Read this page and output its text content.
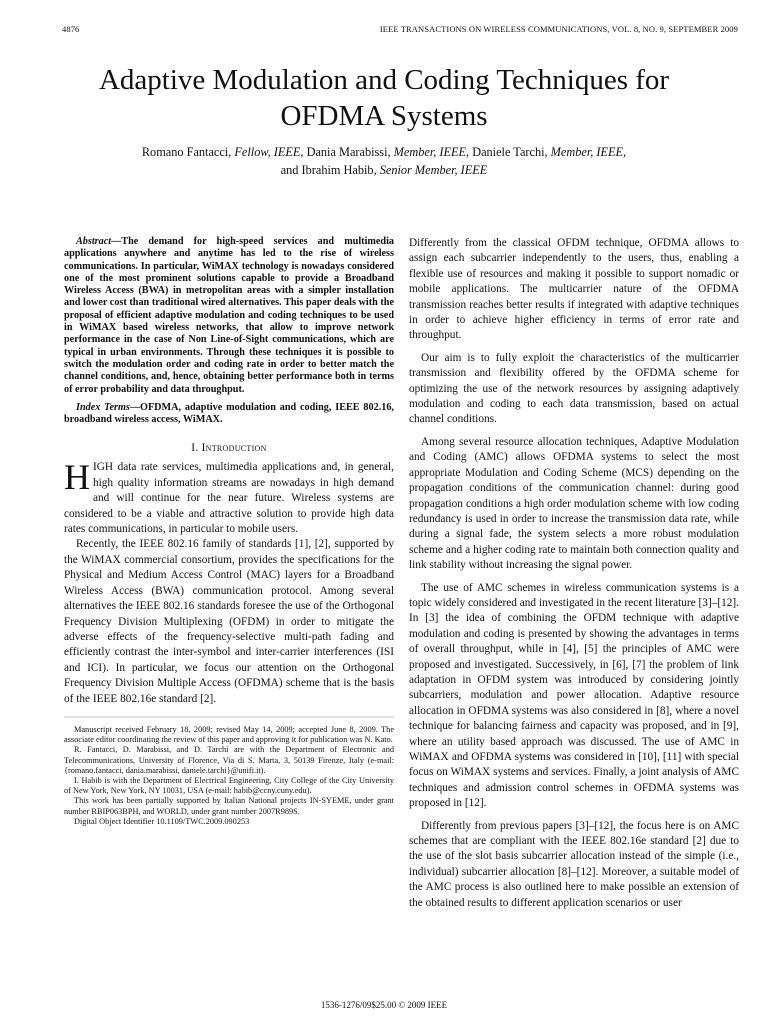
4876	IEEE TRANSACTIONS ON WIRELESS COMMUNICATIONS, VOL. 8, NO. 9, SEPTEMBER 2009
Adaptive Modulation and Coding Techniques for
OFDMA Systems
Romano Fantacci, Fellow, IEEE, Dania Marabissi, Member, IEEE, Daniele Tarchi, Member, IEEE,
and Ibrahim Habib, Senior Member, IEEE

Abstract—The demand for high-speed services and multimedia applications anywhere and anytime has led to the rise of wireless communications. In particular, WiMAX technology is nowadays considered one of the most prominent solutions capable to provide a Broadband Wireless Access (BWA) in metropolitan areas with a simpler installation and lower cost than traditional wired alternatives. This paper deals with the proposal of efficient adaptive modulation and coding techniques to be used in WiMAX based wireless networks, that allow to improve network performance in the case of Non Line-of-Sight communications, which are typical in urban environments. Through these techniques it is possible to switch the modulation order and coding rate in order to better match the channel conditions, and, hence, obtaining better performance both in terms of error probability and data throughput.

Index Terms—OFDMA, adaptive modulation and coding, IEEE 802.16, broadband wireless access, WiMAX.

I. Introduction

HIGH data rate services, multimedia applications and, in general, high quality information streams are nowadays in high demand and will continue for the near future. Wireless systems are considered to be a viable and attractive solution to provide high data rates communications, in particular to mobile users.

Recently, the IEEE 802.16 family of standards [1], [2], supported by the WiMAX commercial consortium, provides the specifications for the Physical and Medium Access Control (MAC) layers for a Broadband Wireless Access (BWA) communication protocol. Among several alternatives the IEEE 802.16 standards foresee the use of the Orthogonal Frequency Division Multiplexing (OFDM) in order to mitigate the adverse effects of the frequency-selective multi-path fading and efficiently contrast the inter-symbol and inter-carrier interferences (ISI and ICI). In particular, we focus our attention on the Orthogonal Frequency Division Multiple Access (OFDMA) scheme that is the basis of the IEEE 802.16e standard [2].

Manuscript received February 18, 2009; revised May 14, 2009; accepted June 8, 2009. The associate editor coordinating the review of this paper and approving it for publication was N. Kato.

R. Fantacci, D. Marabissi, and D. Tarchi are with the Department of Electronic and Telecommunications, University of Florence, Via di S. Marta, 3, 50139 Firenze, Italy (e-mail: {romano.fantacci, dania.marabissi, daniele.tarchi}@unifi.it).

I. Habib is with the Department of Electrical Engineering, City College of the City University of New York, New York, NY 10031, USA (e-mail: habib@ccny.cuny.edu).

This work has been partially supported by Italian National projects IN-SYEME, under grant number RBIP063BPH, and WORLD, under grant number 2007R989S.

Digital Object Identifier 10.1109/TWC.2009.090253

Differently from the classical OFDM technique, OFDMA allows to assign each subcarrier independently to the users, thus, enabling a flexible use of resources and making it possible to support nomadic or mobile applications. The multicarrier nature of the OFDMA transmission reaches better results if integrated with adaptive techniques in order to achieve higher efficiency in terms of error rate and throughput.

Our aim is to fully exploit the characteristics of the multicarrier transmission and flexibility offered by the OFDMA scheme for optimizing the use of the network resources by assigning adaptively modulation and coding to each data transmission, based on actual channel conditions.

Among several resource allocation techniques, Adaptive Modulation and Coding (AMC) allows OFDMA systems to select the most appropriate Modulation and Coding Scheme (MCS) depending on the propagation conditions of the communication channel: during good propagation conditions a high order modulation scheme with low coding redundancy is used in order to increase the transmission data rate, while during a signal fade, the system selects a more robust modulation scheme and a higher coding rate to maintain both connection quality and link stability without increasing the signal power.

The use of AMC schemes in wireless communication systems is a topic widely considered and investigated in the recent literature [3]–[12]. In [3] the idea of combining the OFDM technique with adaptive modulation and coding is presented by showing the advantages in terms of overall throughput, while in [4], [5] the principles of AMC were proposed and investigated. Successively, in [6], [7] the problem of link adaptation in OFDM system was introduced by considering jointly subcarriers, modulation and power allocation. Adaptive resource allocation in OFDMA systems was also considered in [8], where a novel technique for balancing fairness and capacity was proposed, and in [9], where an utility based approach was discussed. The use of AMC in WiMAX and OFDMA systems was considered in [10], [11] with special focus on WiMAX systems and services. Finally, a joint analysis of AMC techniques and admission control schemes in OFDMA systems was proposed in [12].

Differently from previous papers [3]–[12], the focus here is on AMC schemes that are compliant with the IEEE 802.16e standard [2] due to the use of the slot basis subcarrier allocation instead of the simple (i.e., individual) subcarrier allocation [8]–[12]. Moreover, a suitable model of the AMC process is also outlined here to make possible an extension of the obtained results to different application scenarios or user

1536-1276/09$25.00 © 2009 IEEE
